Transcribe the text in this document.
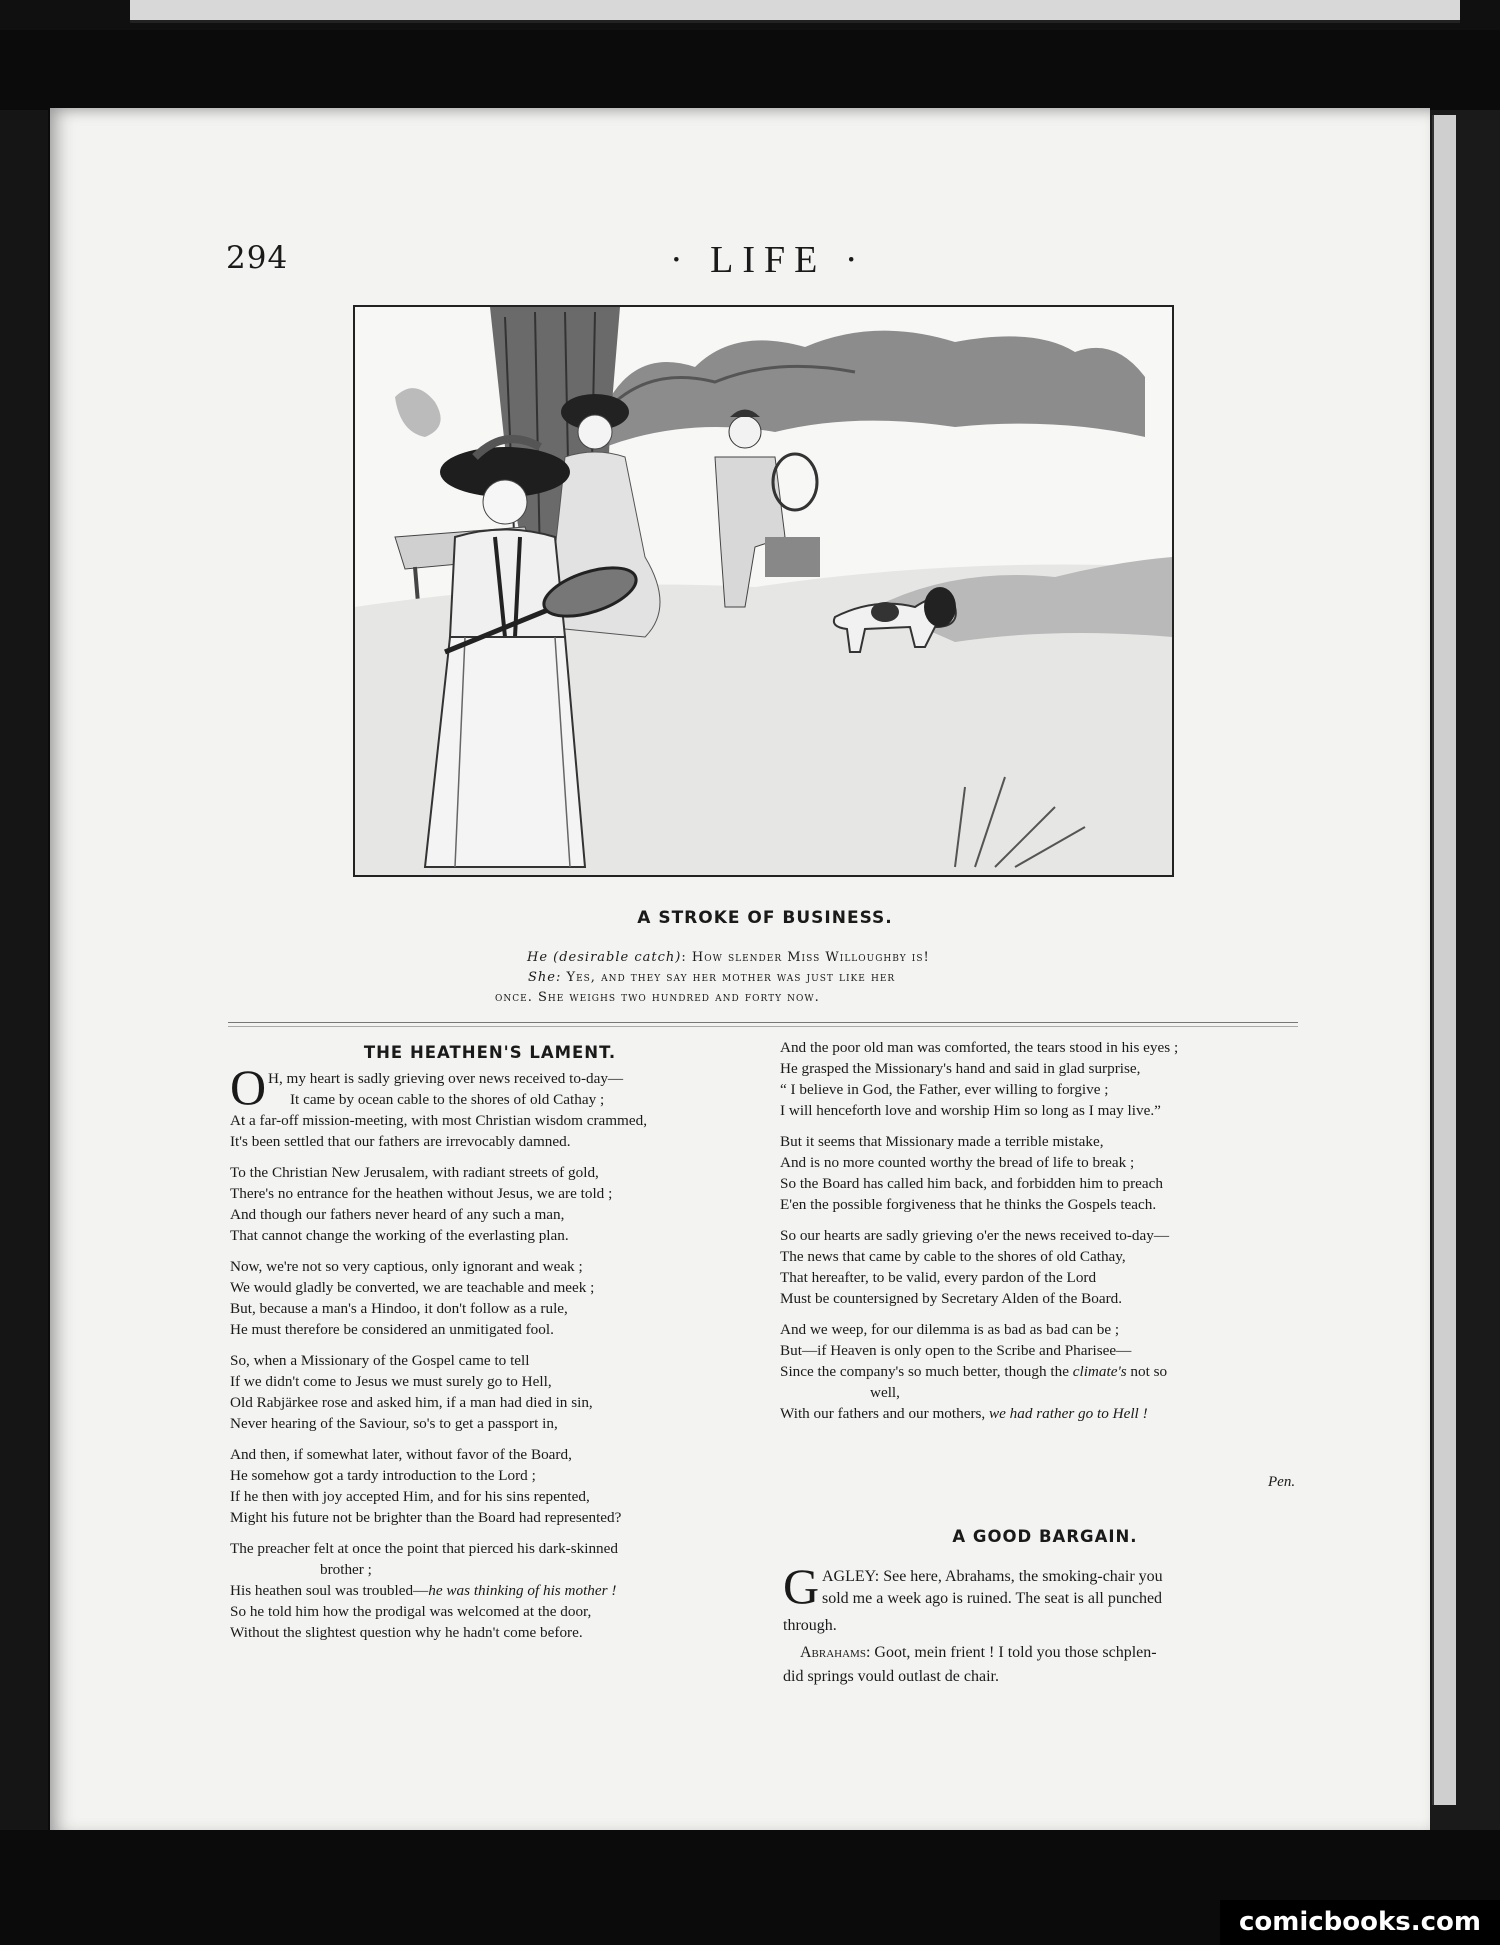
294	· LIFE ·
A STROKE OF BUSINESS.
He (desirable catch): How slender Miss Willoughby is!
She: Yes, and they say her mother was just like her
once. She weighs two hundred and forty now.
THE HEATHEN'S LAMENT.
O H, my heart is sadly grieving over news received to-day—
It came by ocean cable to the shores of old Cathay ;
At a far-off mission-meeting, with most Christian wisdom crammed,
It's been settled that our fathers are irrevocably damned.
To the Christian New Jerusalem, with radiant streets of gold,
There's no entrance for the heathen without Jesus, we are told ;
And though our fathers never heard of any such a man,
That cannot change the working of the everlasting plan.
Now, we're not so very captious, only ignorant and weak ;
We would gladly be converted, we are teachable and meek ;
But, because a man's a Hindoo, it don't follow as a rule,
He must therefore be considered an unmitigated fool.
So, when a Missionary of the Gospel came to tell
If we didn't come to Jesus we must surely go to Hell,
Old Rabjärkee rose and asked him, if a man had died in sin,
Never hearing of the Saviour, so's to get a passport in,
And then, if somewhat later, without favor of the Board,
He somehow got a tardy introduction to the Lord ;
If he then with joy accepted Him, and for his sins repented,
Might his future not be brighter than the Board had represented?
The preacher felt at once the point that pierced his dark-skinned
brother ;
His heathen soul was troubled—he was thinking of his mother !
So he told him how the prodigal was welcomed at the door,
Without the slightest question why he hadn't come before.
And the poor old man was comforted, the tears stood in his eyes ;
He grasped the Missionary's hand and said in glad surprise,
“ I believe in God, the Father, ever willing to forgive ;
I will henceforth love and worship Him so long as I may live.”
But it seems that Missionary made a terrible mistake,
And is no more counted worthy the bread of life to break ;
So the Board has called him back, and forbidden him to preach
E'en the possible forgiveness that he thinks the Gospels teach.
So our hearts are sadly grieving o'er the news received to-day—
The news that came by cable to the shores of old Cathay,
That hereafter, to be valid, every pardon of the Lord
Must be countersigned by Secretary Alden of the Board.
And we weep, for our dilemma is as bad as bad can be ;
But—if Heaven is only open to the Scribe and Pharisee—
Since the company's so much better, though the climate's not so
well,
With our fathers and our mothers, we had rather go to Hell !
Pen.
A GOOD BARGAIN.
G AGLEY: See here, Abrahams, the smoking-chair you
sold me a week ago is ruined. The seat is all punched
through.
Abrahams: Goot, mein frient ! I told you those schplen-
did springs vould outlast de chair.
comicbooks.com
